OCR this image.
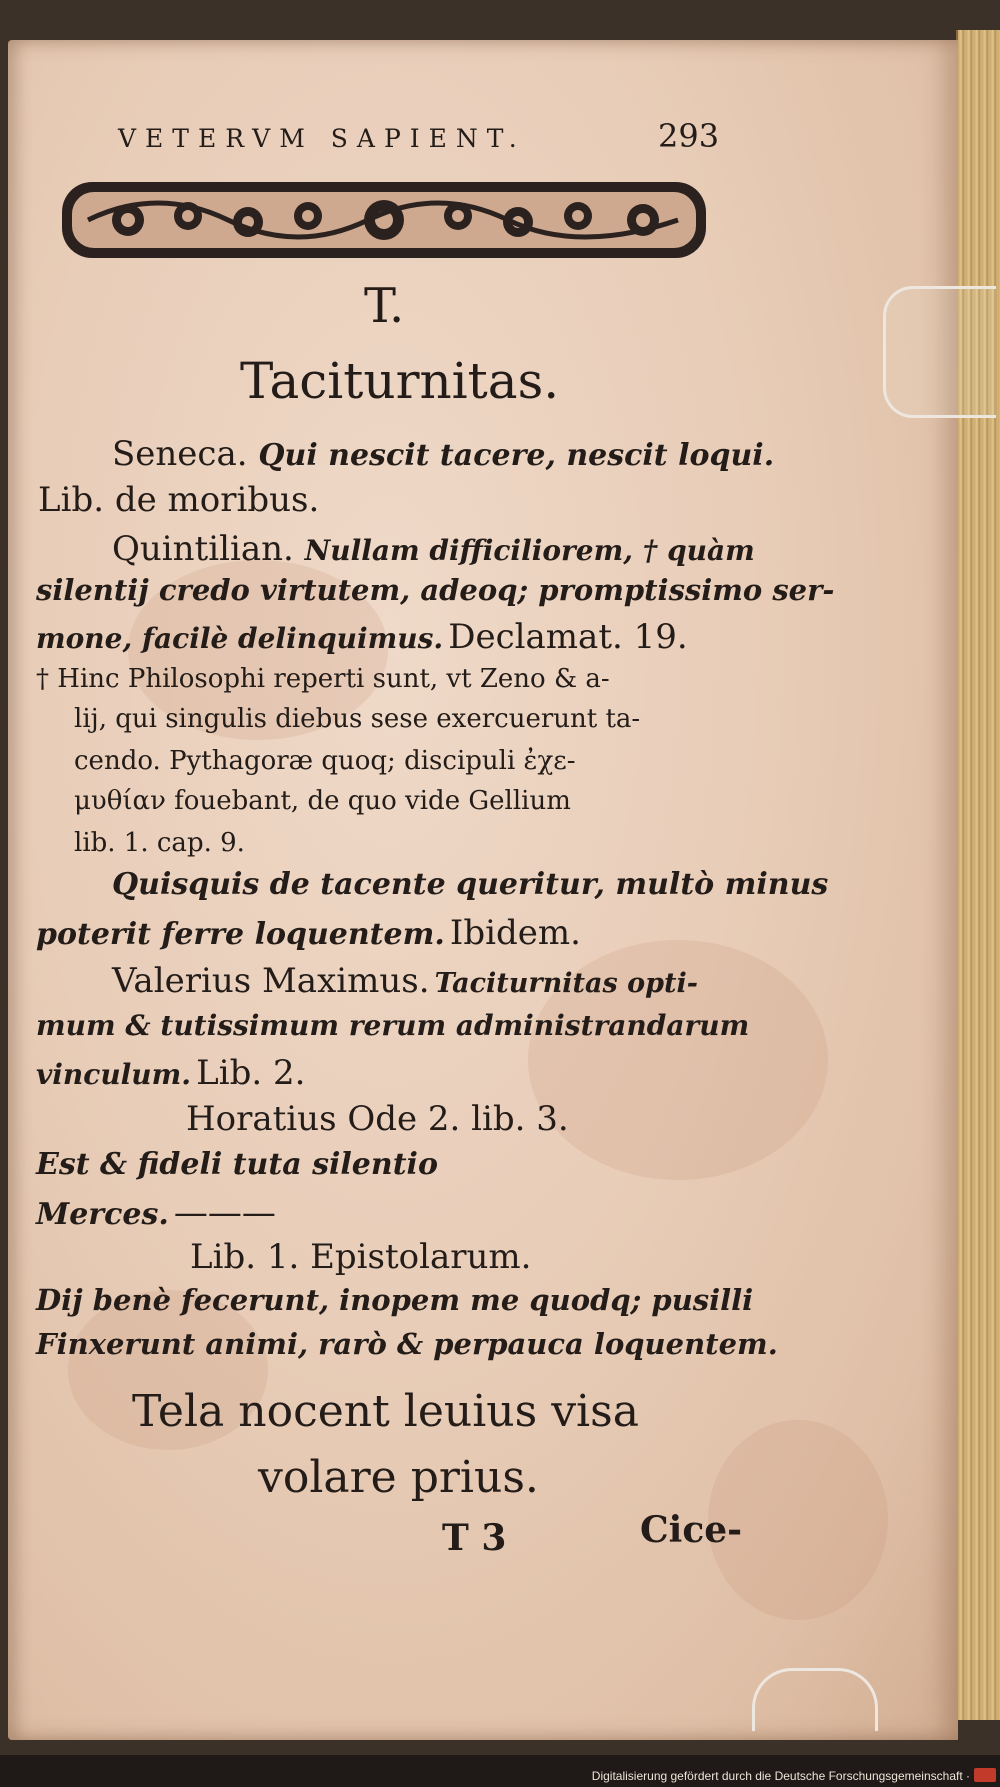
VETERVM SAPIENT.	293
T.
Taciturnitas.
Seneca. Qui nescit tacere, nescit loqui.
Lib. de moribus.
Quintilian. Nullam difficiliorem, † quàm
silentij credo virtutem, adeoq; promptissimo ser-
mone, facilè delinquimus. Declamat. 19.
† Hinc Philosophi reperti sunt, vt Zeno & a-
lij, qui singulis diebus sese exercuerunt ta-
cendo. Pythagoræ quoq; discipuli ἐχε-
μυθίαν fouebant, de quo vide Gellium
lib. 1. cap. 9.
Quisquis de tacente queritur, multò minus
poterit ferre loquentem. Ibidem.
Valerius Maximus. Taciturnitas opti-
mum & tutissimum rerum administrandarum
vinculum. Lib. 2.
Horatius Ode 2. lib. 3.
Est & fideli tuta silentio
Merces. ———
Lib. 1. Epistolarum.
Dij benè fecerunt, inopem me quodq; pusilli
Finxerunt animi, rarò & perpauca loquentem.
Tela nocent leuius visa
volare prius.
T 3	Cice-
Digitalisierung gefördert durch die Deutsche Forschungsgemeinschaft ·
